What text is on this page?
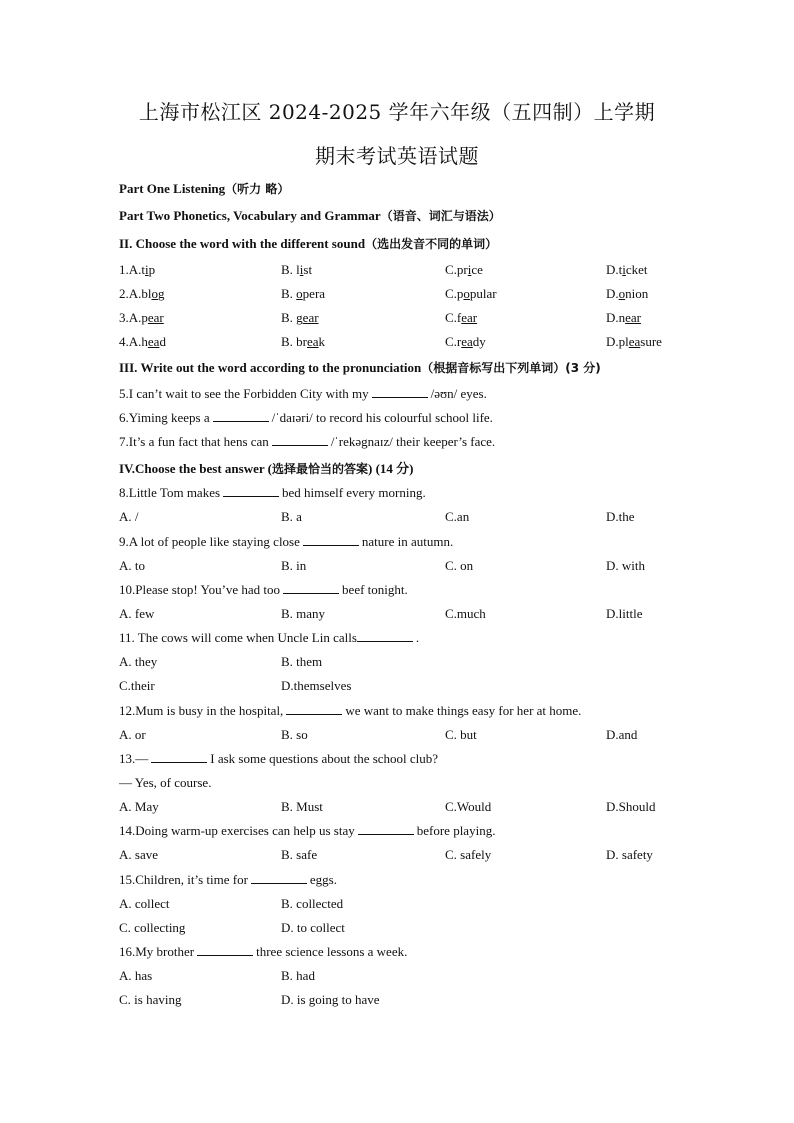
上海市松江区 2024-2025 学年六年级（五四制）上学期
期末考试英语试题
Part One Listening（听力 略）
Part Two Phonetics, Vocabulary and Grammar（语音、词汇与语法）
II. Choose the word with the different sound（选出发音不同的单词）
1.A.tip	B. list	C.price	D.ticket
2.A.blog	B. opera	C.popular	D.onion
3.A.pear	B. gear	C.fear	D.near
4.A.head	B. break	C.ready	D.pleasure
III. Write out the word according to the pronunciation（根据音标写出下列单词）(3 分)
5.I can’t wait to see the Forbidden City with my	/əʊn/ eyes.
6.Yiming keeps a	/ˈdaɪəri/ to record his colourful school life.
7.It’s a fun fact that hens can	/ˈrekəgnaɪz/ their keeper’s face.
IV.Choose the best answer (选择最恰当的答案) (14 分)
8.Little Tom makes	bed himself every morning.
A. /	B. a	C.an	D.the
9.A lot of people like staying close	nature in autumn.
A. to	B. in	C. on	D. with
10.Please stop! You’ve had too	beef tonight.
A. few	B. many	C.much	D.little
11. The cows will come when Uncle Lin calls	.
A. they	B. them
C.their	D.themselves
12.Mum is busy in the hospital,	we want to make things easy for her at home.
A. or	B. so	C. but	D.and
13.—	I ask some questions about the school club?
— Yes, of course.
A. May	B. Must	C.Would	D.Should
14.Doing warm-up exercises can help us stay	before playing.
A. save	B. safe	C. safely	D. safety
15.Children, it’s time for	eggs.
A. collect	B. collected
C. collecting	D. to collect
16.My brother	three science lessons a week.
A. has	B. had
C. is having	D. is going to have
